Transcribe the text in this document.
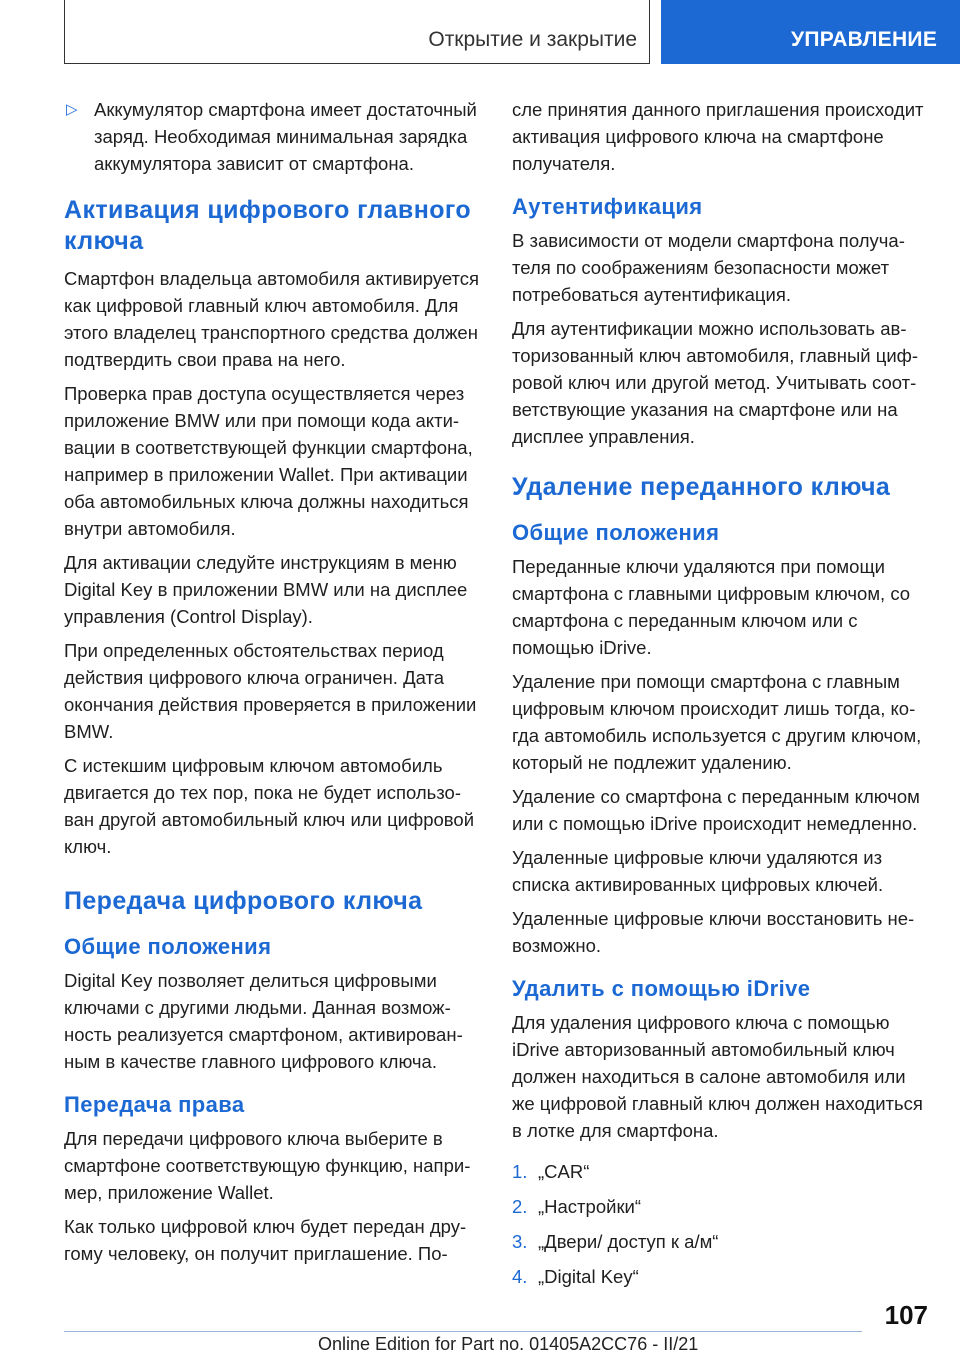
Открытие и закрытие	УПРАВЛЕНИЕ
▷ Аккумулятор смартфона имеет достаточный заряд. Необходимая минимальная зарядка аккумулятора зависит от смартфона.
Активация цифрового главного ключа

Смартфон владельца автомобиля активируется как цифровой главный ключ автомобиля. Для этого владелец транспортного средства должен подтвердить свои права на него.

Проверка прав доступа осуществляется через приложение BMW или при помощи кода активации в соответствующей функции смартфона, например в приложении Wallet. При активации оба автомобильных ключа должны находиться внутри автомобиля.

Для активации следуйте инструкциям в меню Digital Key в приложении BMW или на дисплее управления (Control Display).

При определенных обстоятельствах период действия цифрового ключа ограничен. Дата окончания действия проверяется в приложении BMW.

С истекшим цифровым ключом автомобиль двигается до тех пор, пока не будет использован другой автомобильный ключ или цифровой ключ.

Передача цифрового ключа
Общие положения

Digital Key позволяет делиться цифровыми ключами с другими людьми. Данная возможность реализуется смартфоном, активированным в качестве главного цифрового ключа.

Передача права

Для передачи цифрового ключа выберите в смартфоне соответствующую функцию, например, приложение Wallet.

Как только цифровой ключ будет передан другому человеку, он получит приглашение. По-

сле принятия данного приглашения происходит активация цифрового ключа на смартфоне получателя.

Аутентификация

В зависимости от модели смартфона получателя по соображениям безопасности может потребоваться аутентификация.

Для аутентификации можно использовать авторизованный ключ автомобиля, главный цифровой ключ или другой метод. Учитывать соответствующие указания на смартфоне или на дисплее управления.

Удаление переданного ключа
Общие положения

Переданные ключи удаляются при помощи смартфона с главными цифровым ключом, со смартфона с переданным ключом или с помощью iDrive.

Удаление при помощи смартфона с главным цифровым ключом происходит лишь тогда, когда автомобиль используется с другим ключом, который не подлежит удалению.

Удаление со смартфона с переданным ключом или с помощью iDrive происходит немедленно.

Удаленные цифровые ключи удаляются из списка активированных цифровых ключей.

Удаленные цифровые ключи восстановить невозможно.

Удалить с помощью iDrive

Для удаления цифрового ключа с помощью iDrive авторизованный автомобильный ключ должен находиться в салоне автомобиля или же цифровой главный ключ должен находиться в лотке для смартфона.

1. „CAR“
2. „Настройки“
3. „Двери/ доступ к а/м“
4. „Digital Key“
107
Online Edition for Part no. 01405A2CC76 - II/21
